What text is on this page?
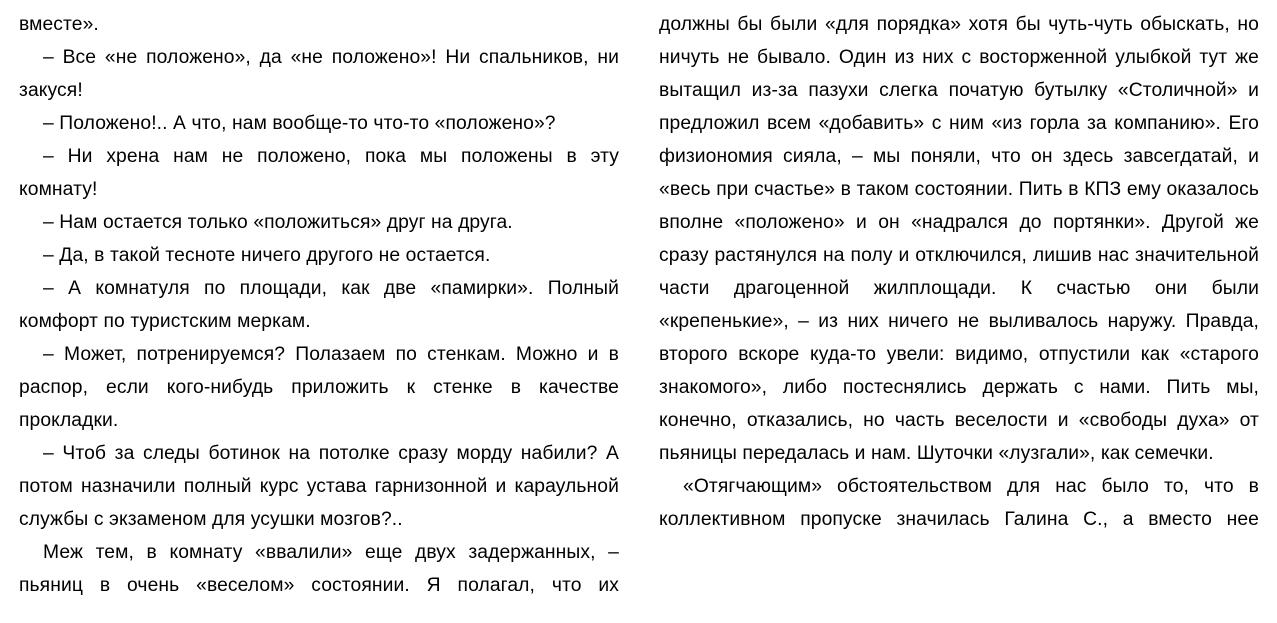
вместе».

– Все «не положено», да «не положено»! Ни спальников, ни закуся!

– Положено!.. А что, нам вообще-то что-то «положено»?

– Ни хрена нам не положено, пока мы положены в эту комнату!

– Нам остается только «положиться» друг на друга.

– Да, в такой тесноте ничего другого не остается.

– А комнатуля по площади, как две «памирки». Полный комфорт по туристским меркам.

– Может, потренируемся? Полазаем по стенкам. Можно и в распор, если кого-нибудь приложить к стенке в качестве прокладки.

– Чтоб за следы ботинок на потолке сразу морду набили? А потом назначили полный курс устава гарнизонной и караульной службы с экзаменом для усушки мозгов?..

Меж тем, в комнату «ввалили» еще двух задержанных, – пьяниц в очень «веселом» состоянии. Я полагал, что их

должны бы были «для порядка» хотя бы чуть-чуть обыскать, но ничуть не бывало. Один из них с восторженной улыбкой тут же вытащил из-за пазухи слегка початую бутылку «Столичной» и предложил всем «добавить» с ним «из горла за компанию». Его физиономия сияла, – мы поняли, что он здесь завсегдатай, и «весь при счастье» в таком состоянии. Пить в КПЗ ему оказалось вполне «положено» и он «надрался до портянки». Другой же сразу растянулся на полу и отключился, лишив нас значительной части драгоценной жилплощади. К счастью они были «крепенькие», – из них ничего не выливалось наружу. Правда, второго вскоре куда-то увели: видимо, отпустили как «старого знакомого», либо постеснялись держать с нами. Пить мы, конечно, отказались, но часть веселости и «свободы духа» от пьяницы передалась и нам. Шуточки «лузгали», как семечки.

«Отягчающим» обстоятельством для нас было то, что в коллективном пропуске значилась Галина С., а вместо нее
